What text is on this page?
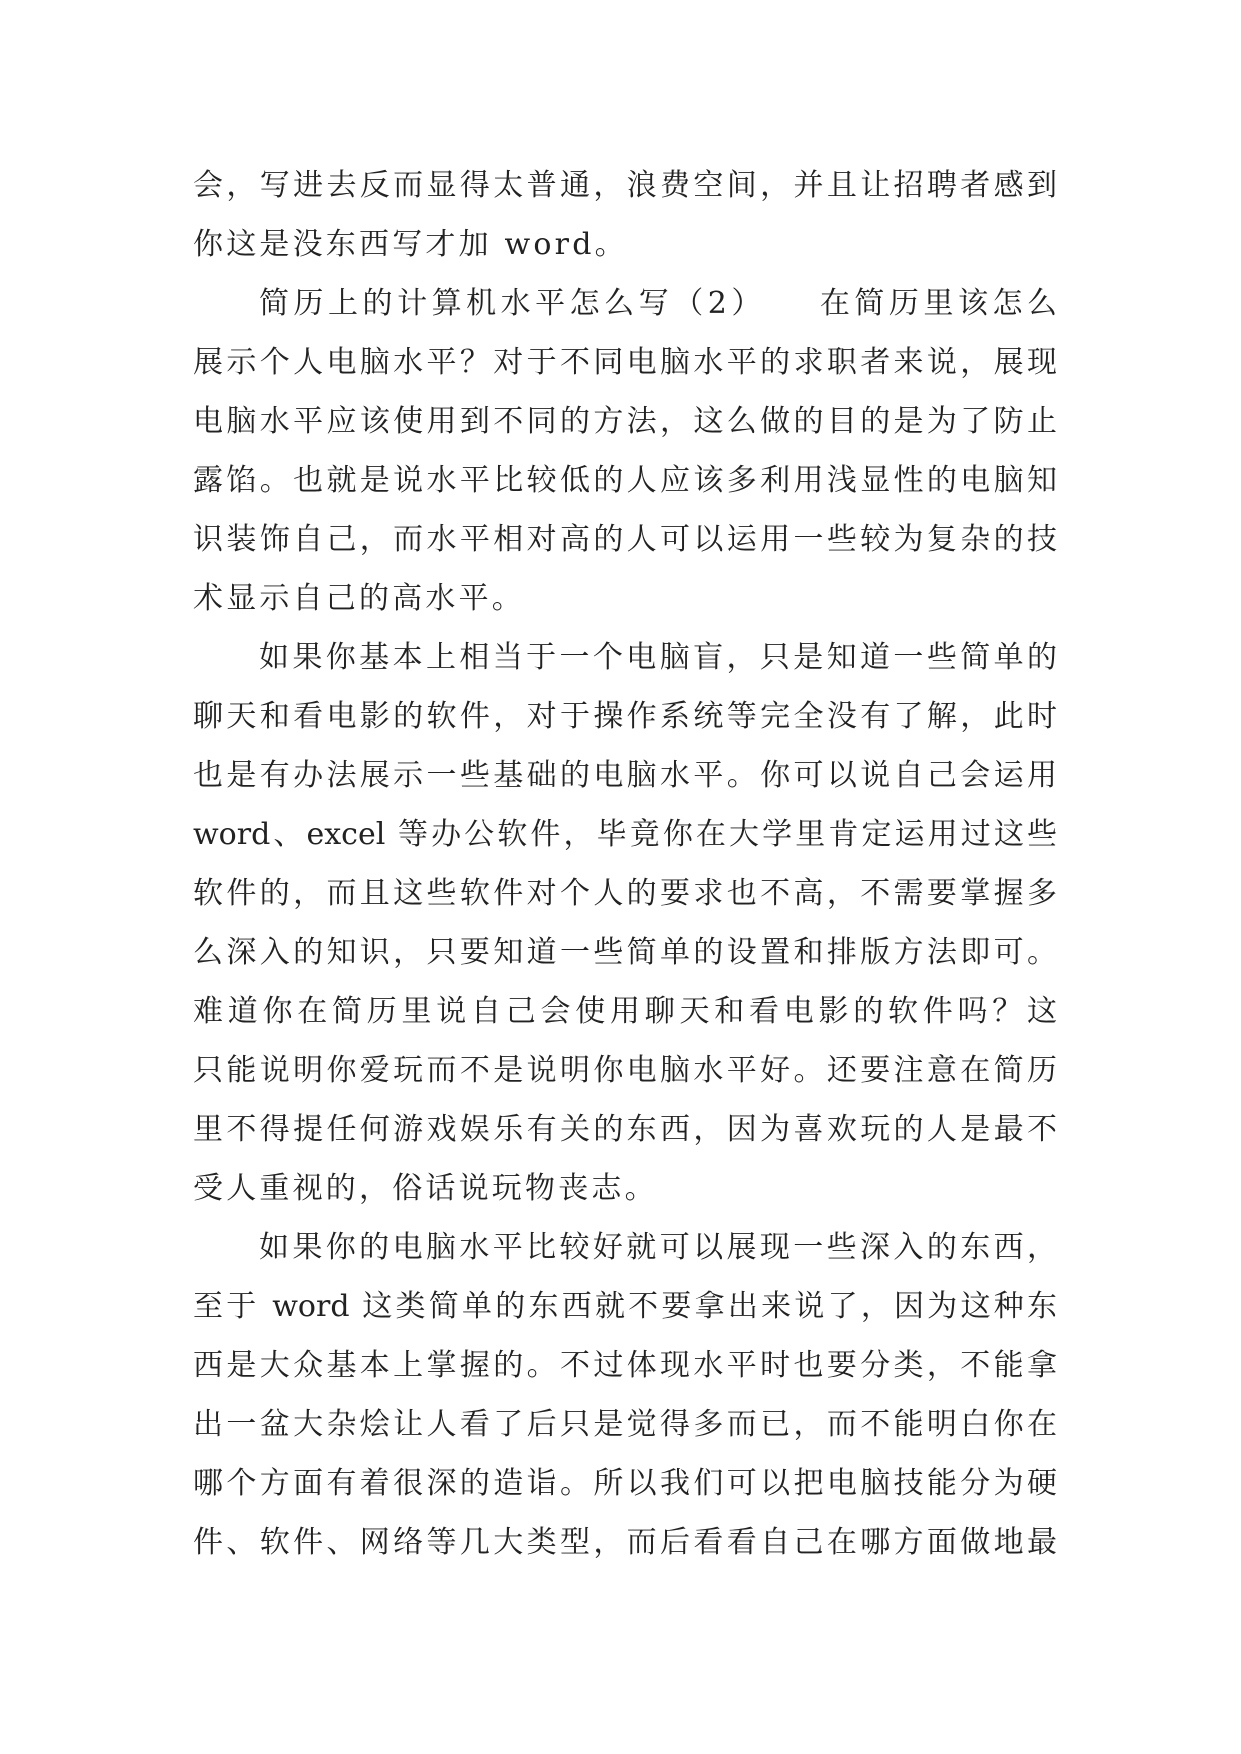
会，写进去反而显得太普通，浪费空间，并且让招聘者感到
你这是没东西写才加 word。
简历上的计算机水平怎么写（2）　　在简历里该怎么
展示个人电脑水平？对于不同电脑水平的求职者来说，展现
电脑水平应该使用到不同的方法，这么做的目的是为了防止
露馅。也就是说水平比较低的人应该多利用浅显性的电脑知
识装饰自己，而水平相对高的人可以运用一些较为复杂的技
术显示自己的高水平。
如果你基本上相当于一个电脑盲，只是知道一些简单的
聊天和看电影的软件，对于操作系统等完全没有了解，此时
也是有办法展示一些基础的电脑水平。你可以说自己会运用
word、excel 等办公软件，毕竟你在大学里肯定运用过这些
软件的，而且这些软件对个人的要求也不高，不需要掌握多
么深入的知识，只要知道一些简单的设置和排版方法即可。
难道你在简历里说自己会使用聊天和看电影的软件吗？这
只能说明你爱玩而不是说明你电脑水平好。还要注意在简历
里不得提任何游戏娱乐有关的东西，因为喜欢玩的人是最不
受人重视的，俗话说玩物丧志。
如果你的电脑水平比较好就可以展现一些深入的东西，
至于 word 这类简单的东西就不要拿出来说了，因为这种东
西是大众基本上掌握的。不过体现水平时也要分类，不能拿
出一盆大杂烩让人看了后只是觉得多而已，而不能明白你在
哪个方面有着很深的造诣。所以我们可以把电脑技能分为硬
件、软件、网络等几大类型，而后看看自己在哪方面做地最
